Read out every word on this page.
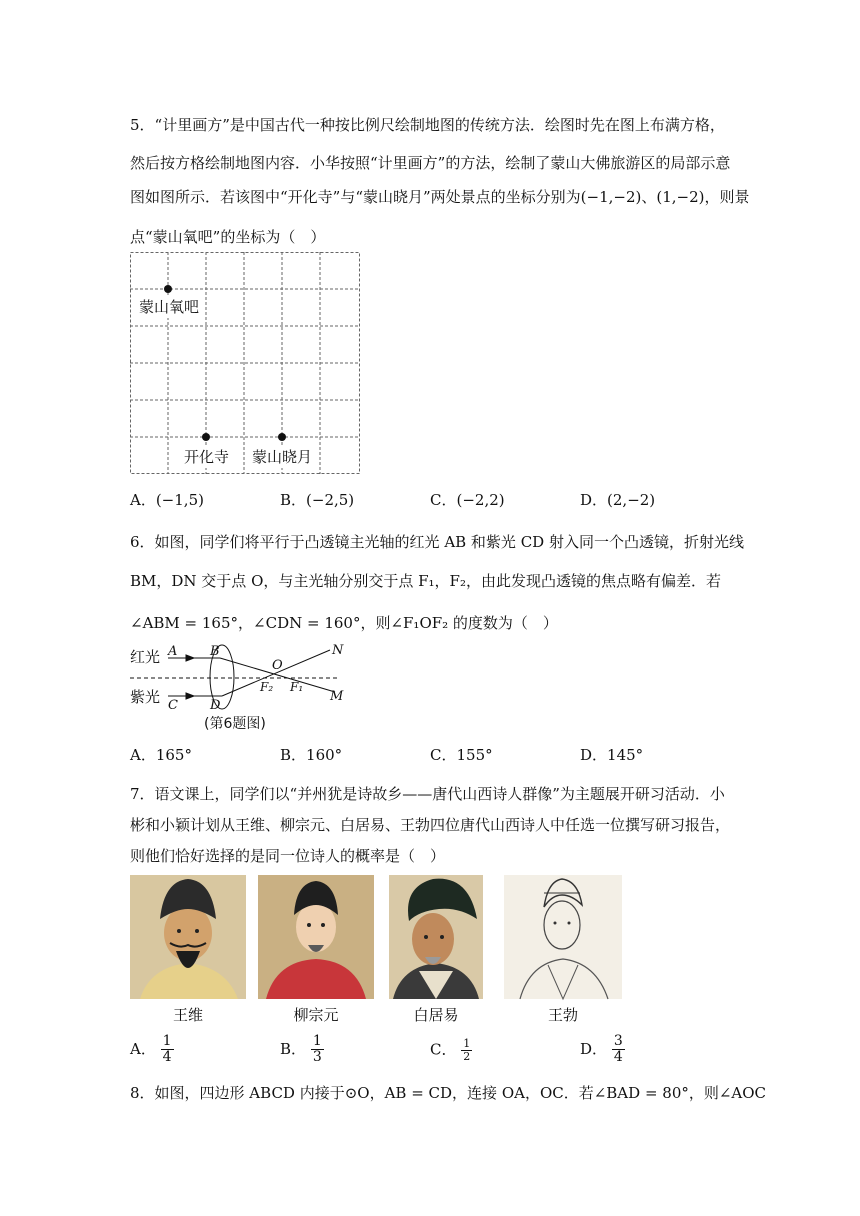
5．“计里画方”是中国古代一种按比例尺绘制地图的传统方法．绘图时先在图上布满方格，
然后按方格绘制地图内容．小华按照“计里画方”的方法，绘制了蒙山大佛旅游区的局部示意
图如图所示．若该图中“开化寺”与“蒙山晓月”两处景点的坐标分别为(−1,−2)、(1,−2)，则景
点“蒙山氧吧”的坐标为（　）
蒙山氧吧
开化寺 蒙山晓月
A．(−1,5)	B．(−2,5)	C．(−2,2)	D．(2,−2)
6．如图，同学们将平行于凸透镜主光轴的红光 AB 和紫光 CD 射入同一个凸透镜，折射光线
BM，DN 交于点 O，与主光轴分别交于点 F₁，F₂，由此发现凸透镜的焦点略有偏差．若
∠ABM = 165°，∠CDN = 160°，则∠F₁OF₂ 的度数为（　）
红光
紫光
A	B
C D
O
N
M
F₂ F₁
(第6题图)
A．165°	B．160°	C．155°	D．145°
7．语文课上，同学们以“并州犹是诗故乡——唐代山西诗人群像”为主题展开研习活动．小
彬和小颖计划从王维、柳宗元、白居易、王勃四位唐代山西诗人中任选一位撰写研习报告，
则他们恰好选择的是同一位诗人的概率是（　）
王维	柳宗元	白居易	王勃
A． $\frac{1}{4}$	B． $\frac{1}{3}$	C． $\frac{1}{2}$	D． $\frac{3}{4}$
8．如图，四边形 ABCD 内接于⊙O，AB = CD，连接 OA，OC．若∠BAD = 80°，则∠AOC
